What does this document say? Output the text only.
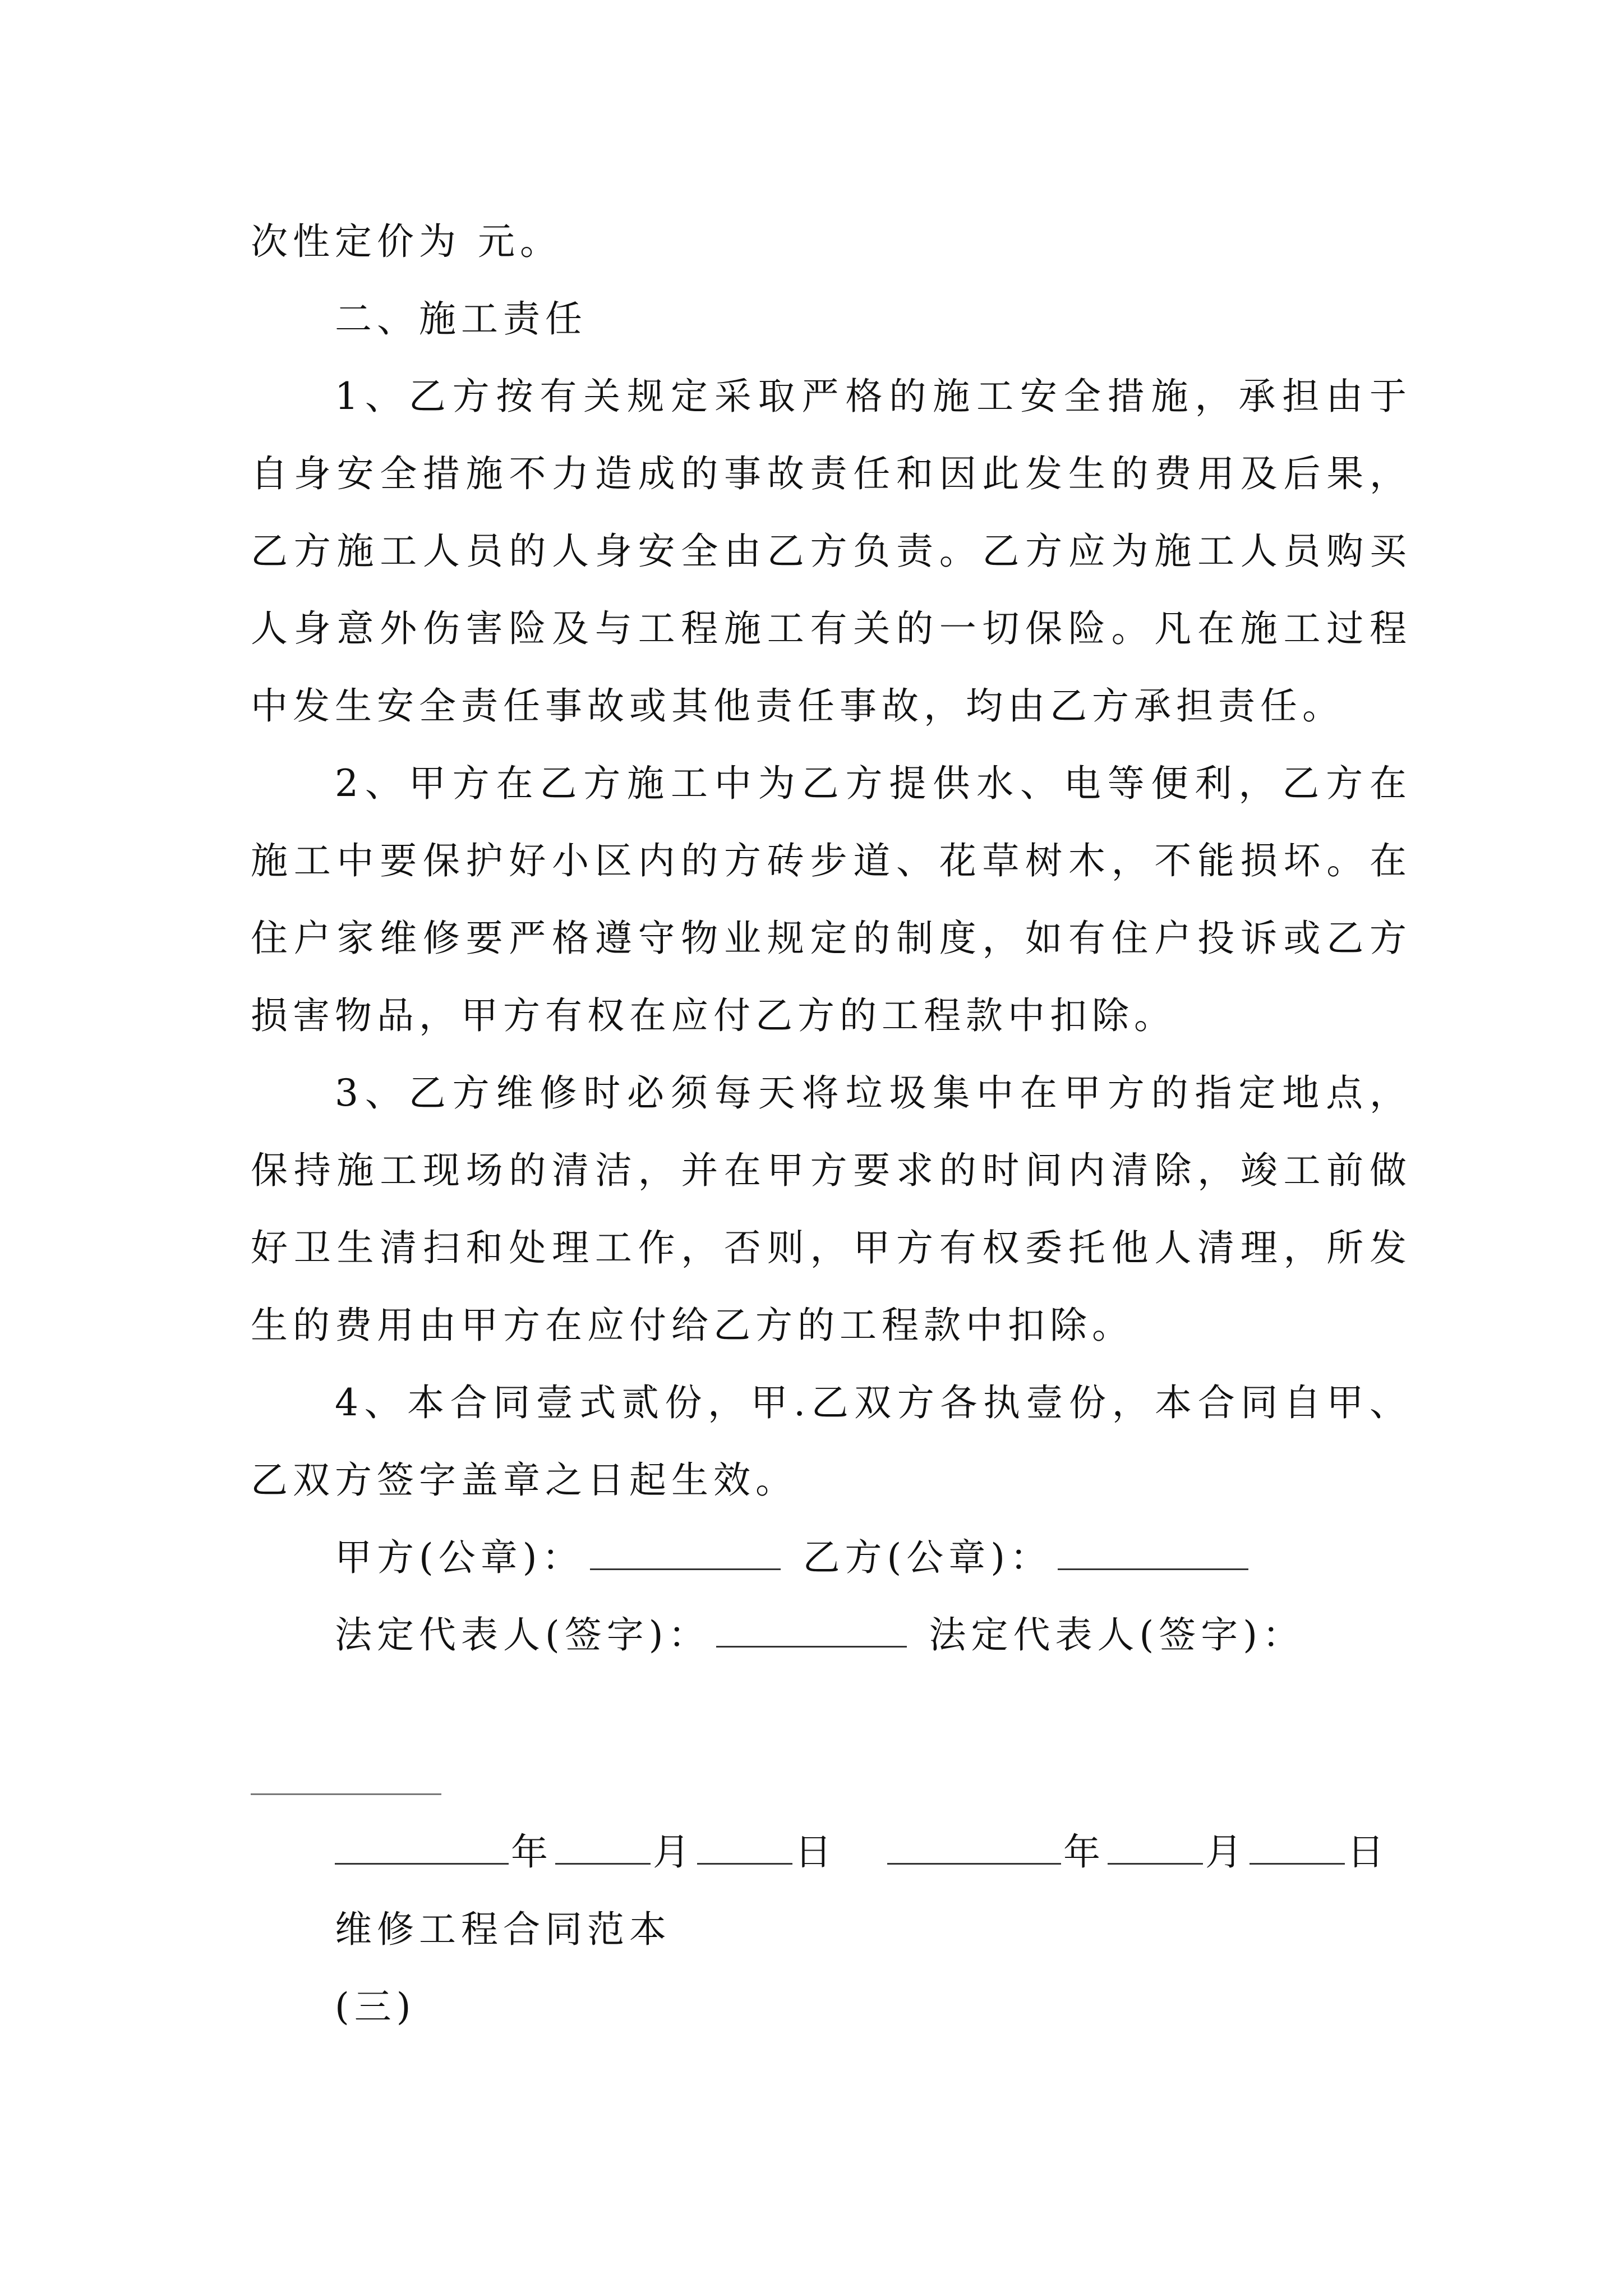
次性定价为 元。

二、施工责任

1、乙方按有关规定采取严格的施工安全措施，承担由于自身安全措施不力造成的事故责任和因此发生的费用及后果，乙方施工人员的人身安全由乙方负责。乙方应为施工人员购买人身意外伤害险及与工程施工有关的一切保险。凡在施工过程中发生安全责任事故或其他责任事故，均由乙方承担责任。

2、甲方在乙方施工中为乙方提供水、电等便利，乙方在施工中要保护好小区内的方砖步道、花草树木，不能损坏。在住户家维修要严格遵守物业规定的制度，如有住户投诉或乙方损害物品，甲方有权在应付乙方的工程款中扣除。

3、乙方维修时必须每天将垃圾集中在甲方的指定地点，保持施工现场的清洁，并在甲方要求的时间内清除，竣工前做好卫生清扫和处理工作，否则，甲方有权委托他人清理，所发生的费用由甲方在应付给乙方的工程款中扣除。

4、本合同壹式贰份，甲.乙双方各执壹份，本合同自甲、乙双方签字盖章之日起生效。

甲方(公章)：	乙方(公章)：
法定代表人(签字)：	法定代表人(签字)：
年	月	日	年	月	日

维修工程合同范本

(三)
